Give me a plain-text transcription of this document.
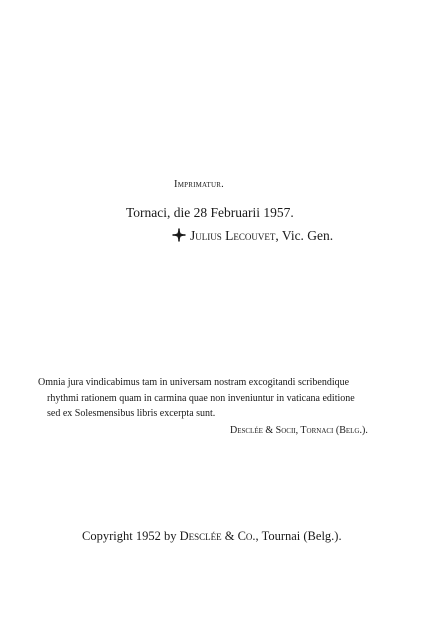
Imprimatur.
Tornaci, die 28 Februarii 1957.
Julius Lecouvet, Vic. Gen.
Omnia jura vindicabimus tam in universam nostram excogitandi scribendique
rhythmi rationem quam in carmina quae non inveniuntur in vaticana editione
sed ex Solesmensibus libris excerpta sunt.
Desclée & Socii, Tornaci (Belg.).
Copyright 1952 by Desclée & Co., Tournai (Belg.).
